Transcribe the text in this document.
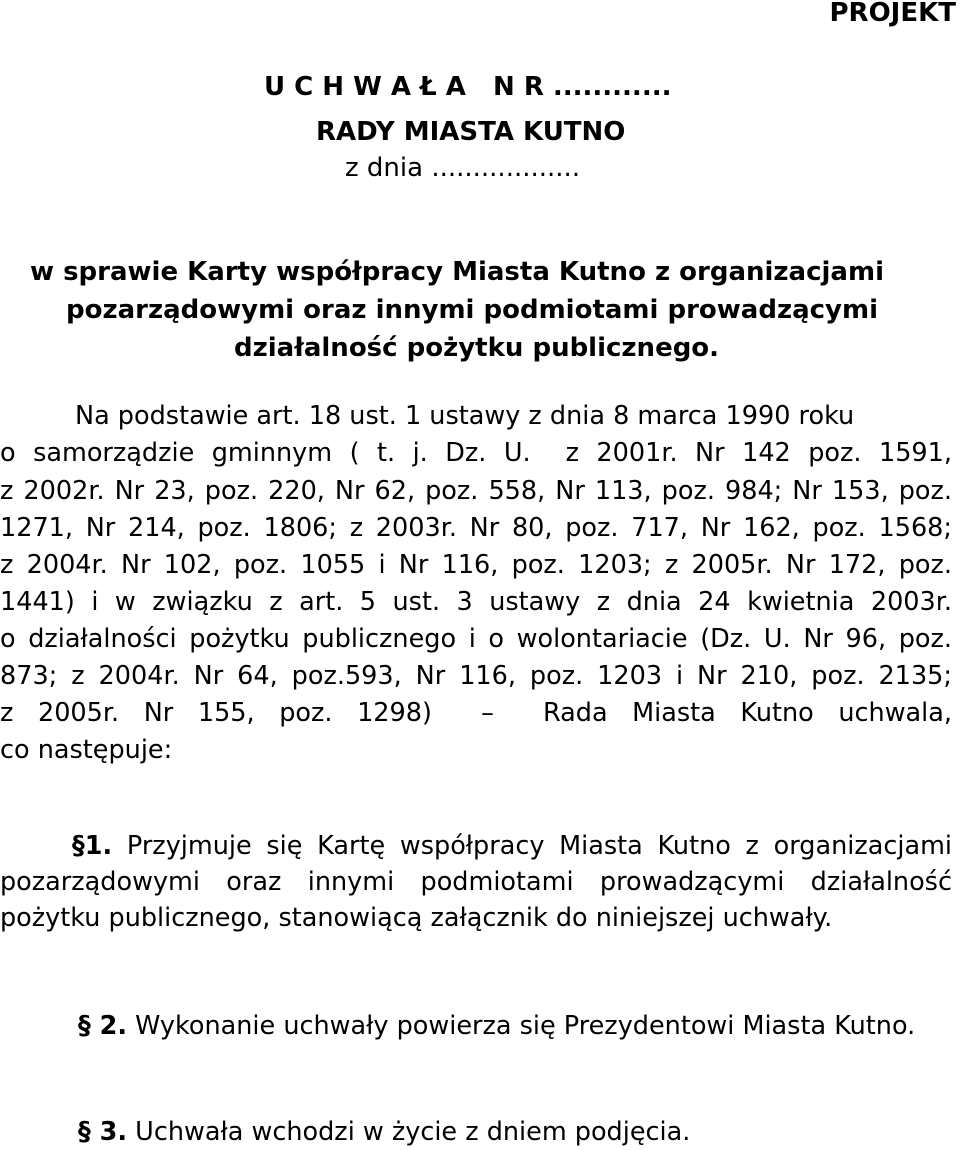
PROJEKT
U C H W A Ł A   N R ............
RADY MIASTA KUTNO
z dnia ..................
w sprawie Karty współpracy Miasta Kutno z organizacjami
pozarządowymi oraz innymi podmiotami prowadzącymi
działalność pożytku publicznego.
Na podstawie art. 18 ust. 1 ustawy z dnia 8 marca 1990 roku
o samorządzie gminnym ( t. j. Dz. U.  z 2001r. Nr 142 poz. 1591,
z 2002r. Nr 23, poz. 220, Nr 62, poz. 558, Nr 113, poz. 984; Nr 153, poz.
1271, Nr 214, poz. 1806; z 2003r. Nr 80, poz. 717, Nr 162, poz. 1568;
z 2004r. Nr 102, poz. 1055 i Nr 116, poz. 1203; z 2005r. Nr 172, poz.
1441) i w związku z art. 5 ust. 3 ustawy z dnia 24 kwietnia 2003r.
o działalności pożytku publicznego i o wolontariacie (Dz. U. Nr 96, poz.
873; z 2004r. Nr 64, poz.593, Nr 116, poz. 1203 i Nr 210, poz. 2135;
z 2005r. Nr 155, poz. 1298)  –  Rada Miasta Kutno uchwala,
co następuje:
§1. Przyjmuje się Kartę współpracy Miasta Kutno z organizacjami
pozarządowymi oraz innymi podmiotami prowadzącymi działalność
pożytku publicznego, stanowiącą załącznik do niniejszej uchwały.
§ 2. Wykonanie uchwały powierza się Prezydentowi Miasta Kutno.
§ 3. Uchwała wchodzi w życie z dniem podjęcia.
